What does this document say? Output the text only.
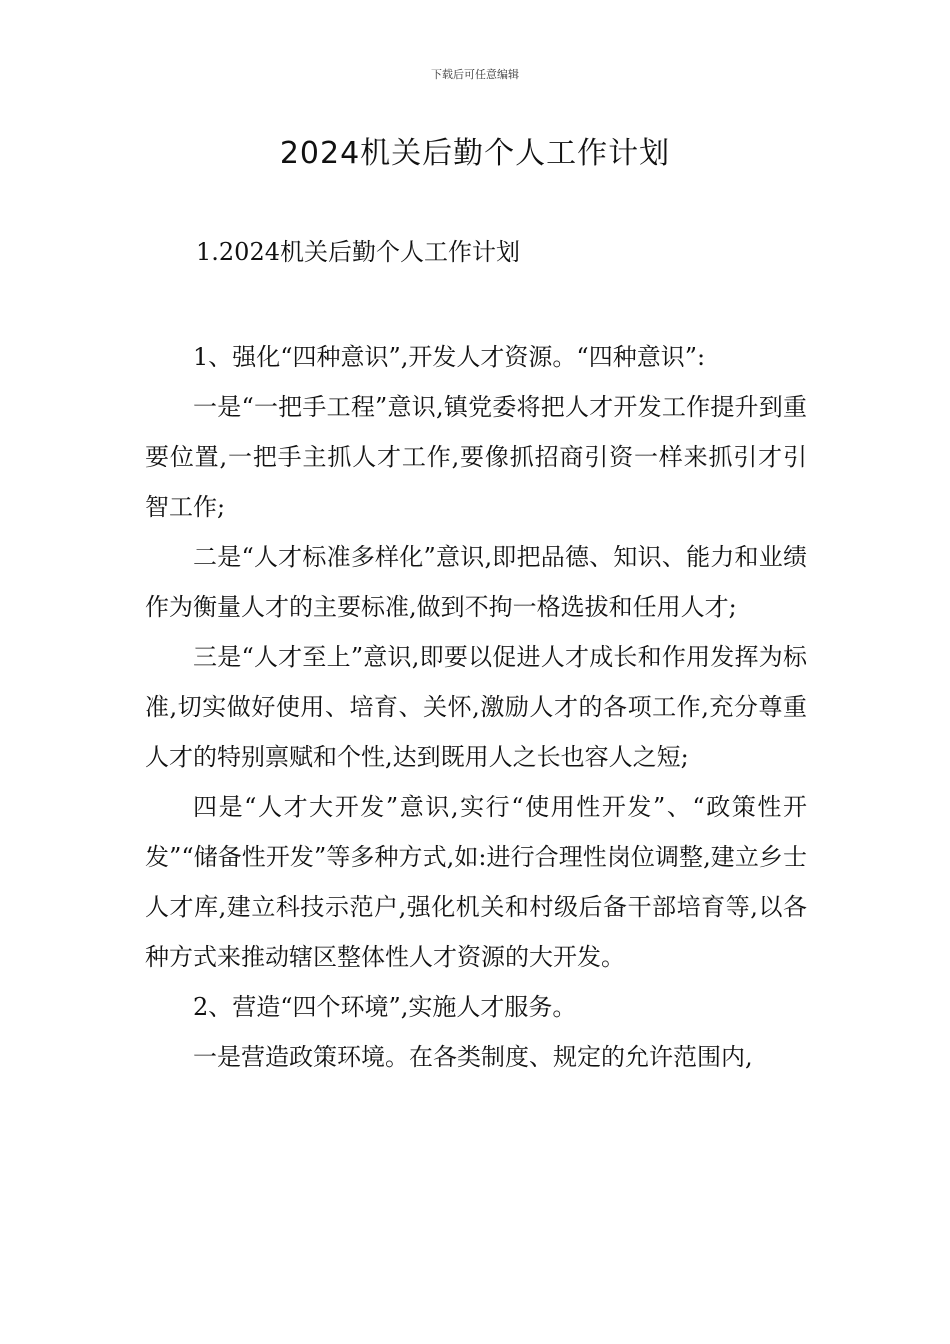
下载后可任意编辑
2024机关后勤个人工作计划
1.2024机关后勤个人工作计划

1、强化“四种意识”,开发人才资源。“四种意识”:

一是“一把手工程”意识,镇党委将把人才开发工作提升到重要位置,一把手主抓人才工作,要像抓招商引资一样来抓引才引智工作;

二是“人才标准多样化”意识,即把品德、知识、能力和业绩作为衡量人才的主要标准,做到不拘一格选拔和任用人才;

三是“人才至上”意识,即要以促进人才成长和作用发挥为标准,切实做好使用、培育、关怀,激励人才的各项工作,充分尊重人才的特别禀赋和个性,达到既用人之长也容人之短;

四是“人才大开发”意识,实行“使用性开发”、“政策性开发”“储备性开发”等多种方式,如:进行合理性岗位调整,建立乡士人才库,建立科技示范户,强化机关和村级后备干部培育等,以各种方式来推动辖区整体性人才资源的大开发。

2、营造“四个环境”,实施人才服务。

一是营造政策环境。在各类制度、规定的允许范围内,
